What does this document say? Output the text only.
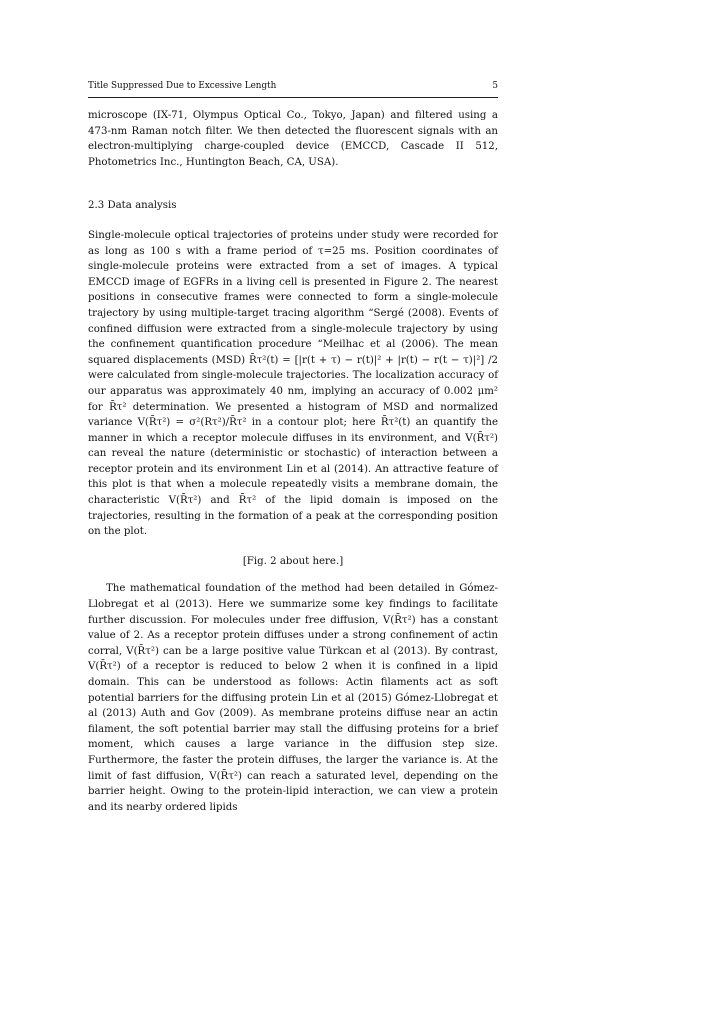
Title Suppressed Due to Excessive Length	5

microscope (IX-71, Olympus Optical Co., Tokyo, Japan) and filtered using a 473-nm Raman notch filter. We then detected the fluorescent signals with an electron-multiplying charge-coupled device (EMCCD, Cascade II 512, Photometrics Inc., Huntington Beach, CA, USA).

2.3 Data analysis

Single-molecule optical trajectories of proteins under study were recorded for as long as 100 s with a frame period of τ=25 ms. Position coordinates of single-molecule proteins were extracted from a set of images. A typical EMCCD image of EGFRs in a living cell is presented in Figure 2. The nearest positions in consecutive frames were connected to form a single-molecule trajectory by using multiple-target tracing algorithm “Sergé (2008). Events of confined diffusion were extracted from a single-molecule trajectory by using the confinement quantification procedure “Meilhac et al (2006). The mean squared displacements (MSD) R̄τ²(t) = [|r(t + τ) − r(t)|² + |r(t) − r(t − τ)|²] /2 were calculated from single-molecule trajectories. The localization accuracy of our apparatus was approximately 40 nm, implying an accuracy of 0.002 μm² for R̄τ² determination. We presented a histogram of MSD and normalized variance V(R̄τ²) = σ²(Rτ²)/R̄τ² in a contour plot; here R̄τ²(t) an quantify the manner in which a receptor molecule diffuses in its environment, and V(R̄τ²) can reveal the nature (deterministic or stochastic) of interaction between a receptor protein and its environment Lin et al (2014). An attractive feature of this plot is that when a molecule repeatedly visits a membrane domain, the characteristic V(R̄τ²) and R̄τ² of the lipid domain is imposed on the trajectories, resulting in the formation of a peak at the corresponding position on the plot.

[Fig. 2 about here.]

The mathematical foundation of the method had been detailed in Gómez-Llobregat et al (2013). Here we summarize some key findings to facilitate further discussion. For molecules under free diffusion, V(R̄τ²) has a constant value of 2. As a receptor protein diffuses under a strong confinement of actin corral, V(R̄τ²) can be a large positive value Türkcan et al (2013). By contrast, V(R̄τ²) of a receptor is reduced to below 2 when it is confined in a lipid domain. This can be understood as follows: Actin filaments act as soft potential barriers for the diffusing protein Lin et al (2015) Gómez-Llobregat et al (2013) Auth and Gov (2009). As membrane proteins diffuse near an actin filament, the soft potential barrier may stall the diffusing proteins for a brief moment, which causes a large variance in the diffusion step size. Furthermore, the faster the protein diffuses, the larger the variance is. At the limit of fast diffusion, V(R̄τ²) can reach a saturated level, depending on the barrier height. Owing to the protein-lipid interaction, we can view a protein and its nearby ordered lipids
